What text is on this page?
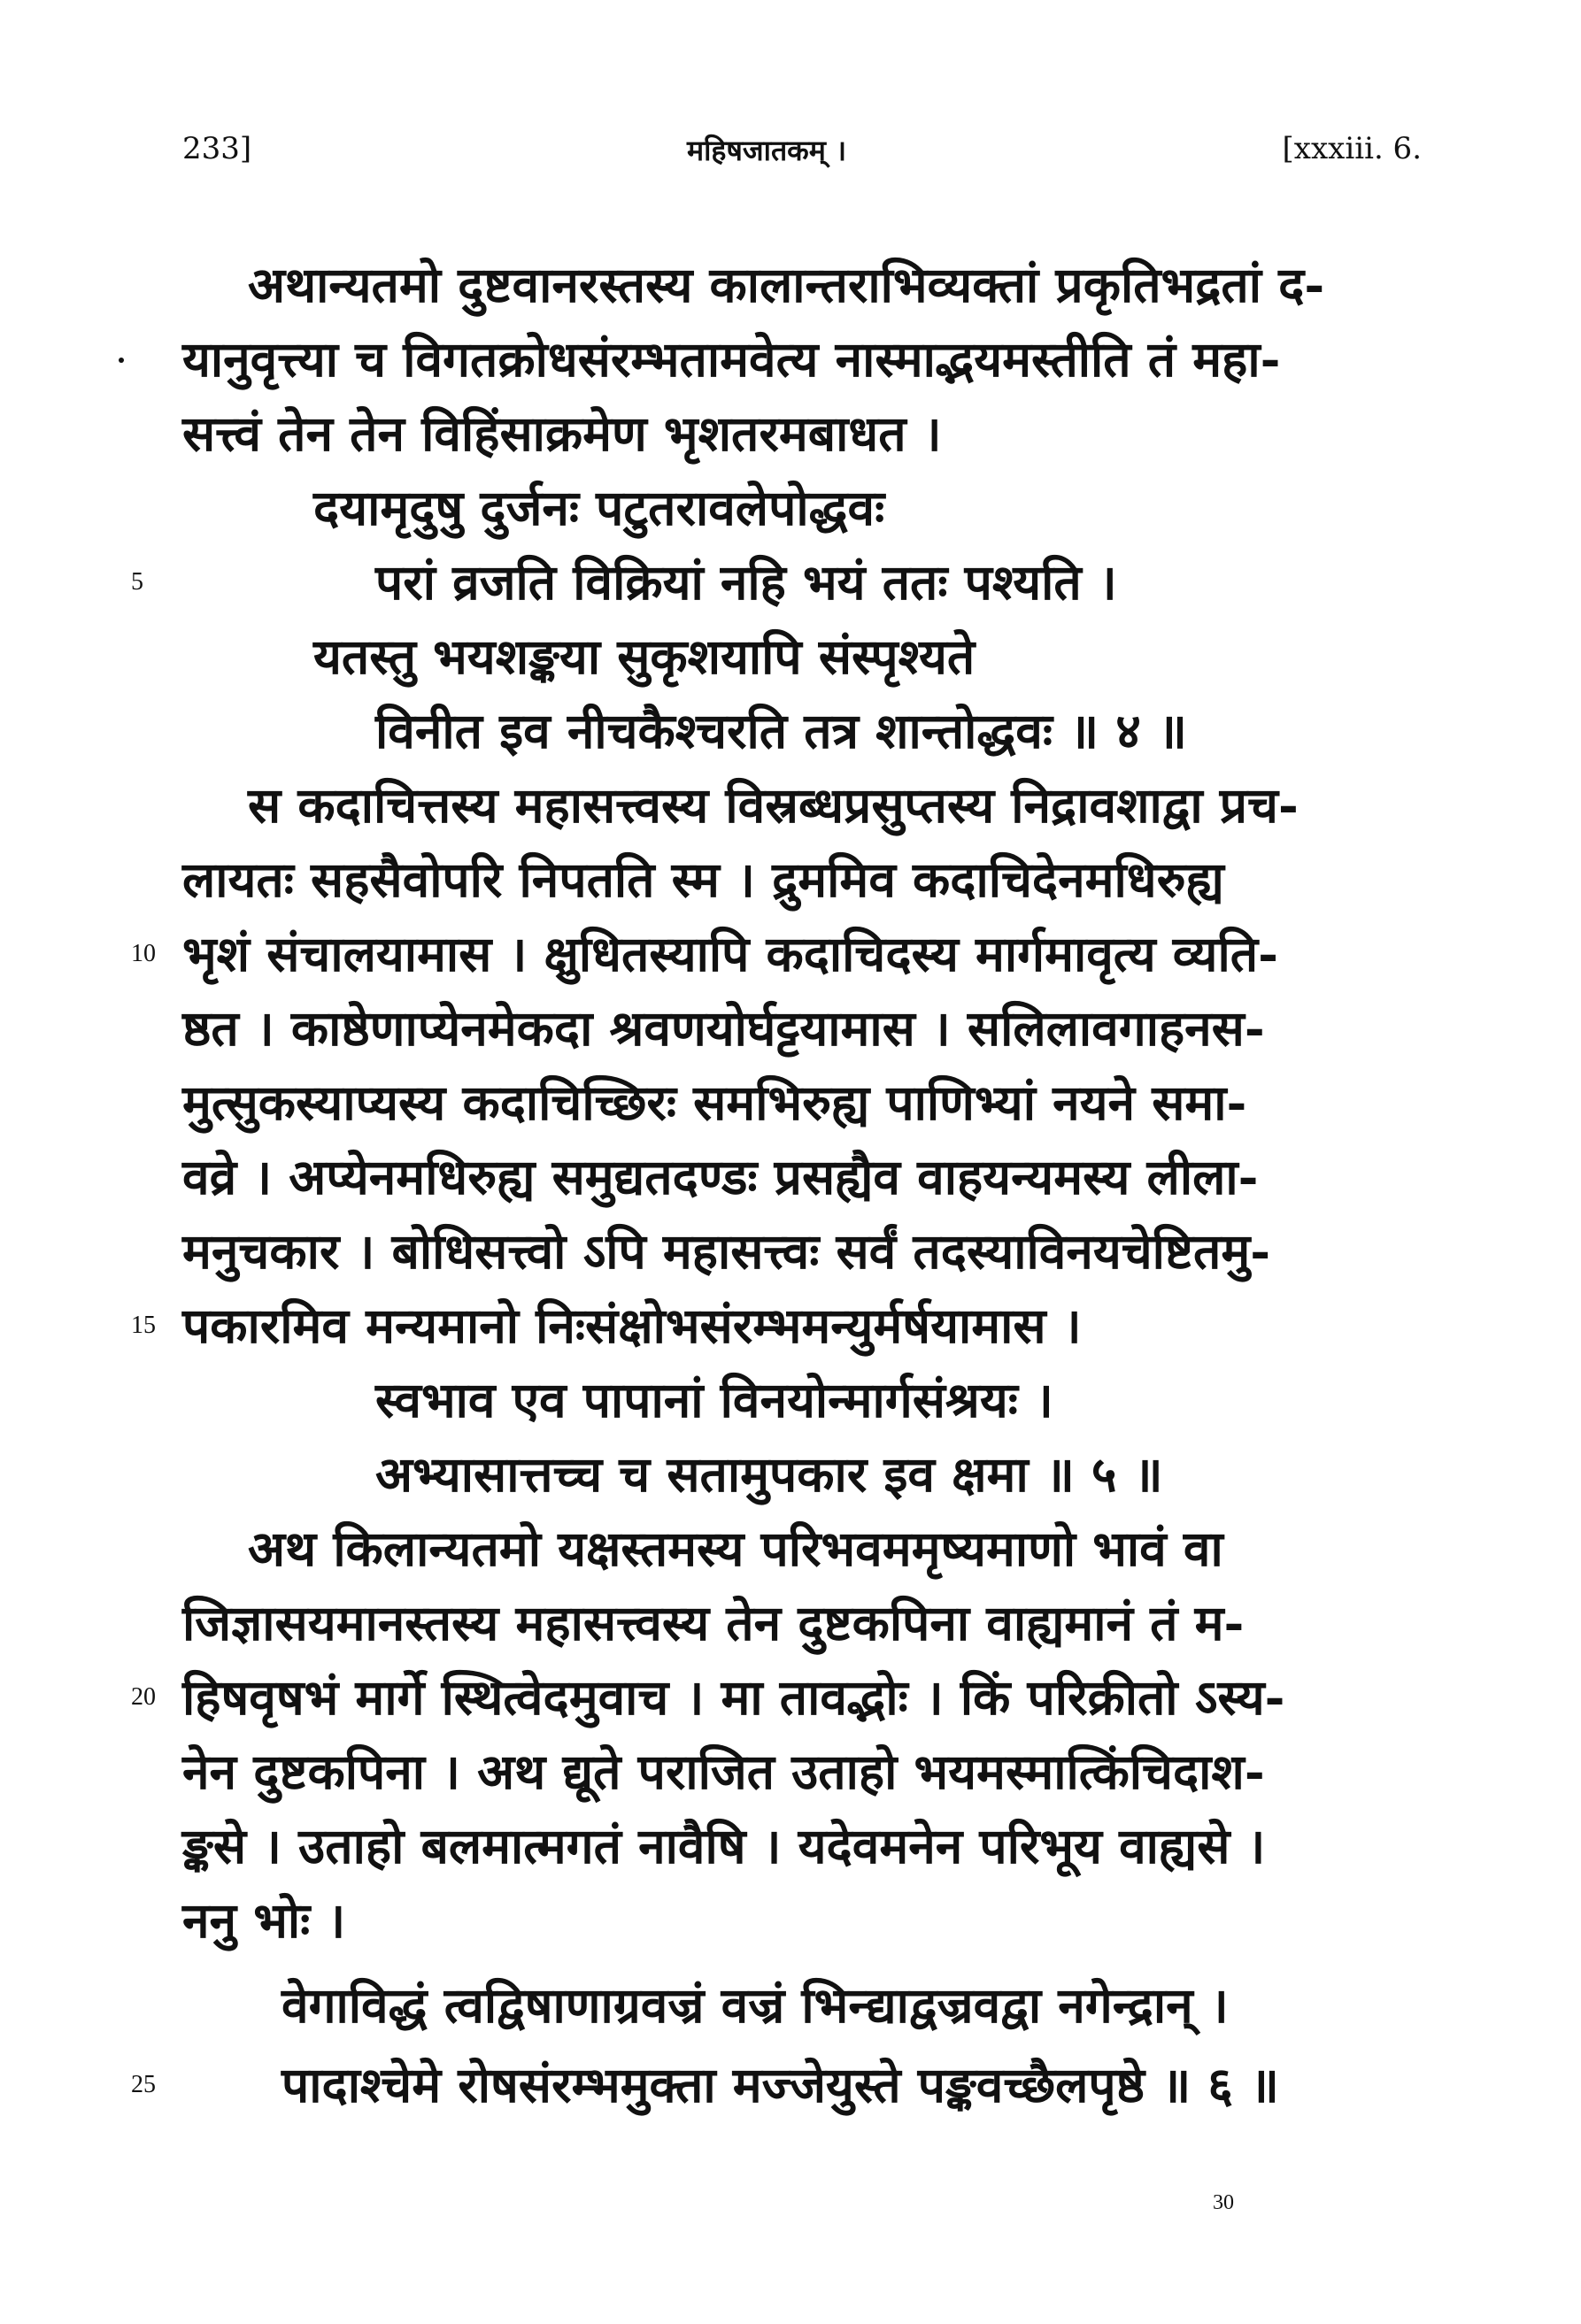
233]	महिषजातकम् ।	[xxxiii. 6.
अथान्यतमो दुष्टवानरस्तस्य कालान्तराभिव्यक्तां प्रकृतिभद्रतां द-
यानुवृत्त्या च विगतक्रोधसंरम्भतामवेत्य नास्माद्भयमस्तीति तं महा-
सत्त्वं तेन तेन विहिंसाक्रमेण भृशतरमबाधत ।
दयामृदुषु दुर्जनः पटुतरावलेपोद्धवः
5	परां व्रजति विक्रियां नहि भयं ततः पश्यति ।
यतस्तु भयशङ्कया सुकृशयापि संस्पृश्यते
विनीत इव नीचकैश्चरति तत्र शान्तोद्धवः ॥ ४ ॥
स कदाचित्तस्य महासत्त्वस्य विस्रब्धप्रसुप्तस्य निद्रावशाद्वा प्रच-
लायतः सहसैवोपरि निपतति स्म । द्रुममिव कदाचिदेनमधिरुह्य
10 भृशं संचालयामास । क्षुधितस्यापि कदाचिदस्य मार्गमावृत्य व्यति-
ष्ठत । काष्ठेणाप्येनमेकदा श्रवणयोर्घट्टयामास । सलिलावगाहनस-
मुत्सुकस्याप्यस्य कदाचिच्छिरः समभिरुह्य पाणिभ्यां नयने समा-
वव्रे । अप्येनमधिरुह्य समुद्यतदण्डः प्रसह्यैव वाहयन्यमस्य लीला-
मनुचकार । बोधिसत्त्वो ऽपि महासत्त्वः सर्वं तदस्याविनयचेष्टितमु-
15 पकारमिव मन्यमानो निःसंक्षोभसंरम्भमन्युर्मर्षयामास ।
स्वभाव एव पापानां विनयोन्मार्गसंश्रयः ।
अभ्यासात्तच्च च सतामुपकार इव क्षमा ॥ ५ ॥
अथ किलान्यतमो यक्षस्तमस्य परिभवममृष्यमाणो भावं वा
जिज्ञासयमानस्तस्य महासत्त्वस्य तेन दुष्टकपिना वाह्यमानं तं म-
20 हिषवृषभं मार्गे स्थित्वेदमुवाच । मा तावद्भोः । किं परिक्रीतो ऽस्य-
नेन दुष्टकपिना । अथ द्यूते पराजित उताहो भयमस्मात्किंचिदाश-
ङ्कसे । उताहो बलमात्मगतं नावैषि । यदेवमनेन परिभूय वाह्यसे ।
ननु भोः ।
वेगाविद्धं त्वद्विषाणाग्रवज्रं वज्रं भिन्द्याद्वज्रवद्वा नगेन्द्रान् ।
25	पादाश्चेमे रोषसंरम्भमुक्ता मज्जेयुस्ते पङ्कवच्छैलपृष्ठे ॥ ६ ॥
30
